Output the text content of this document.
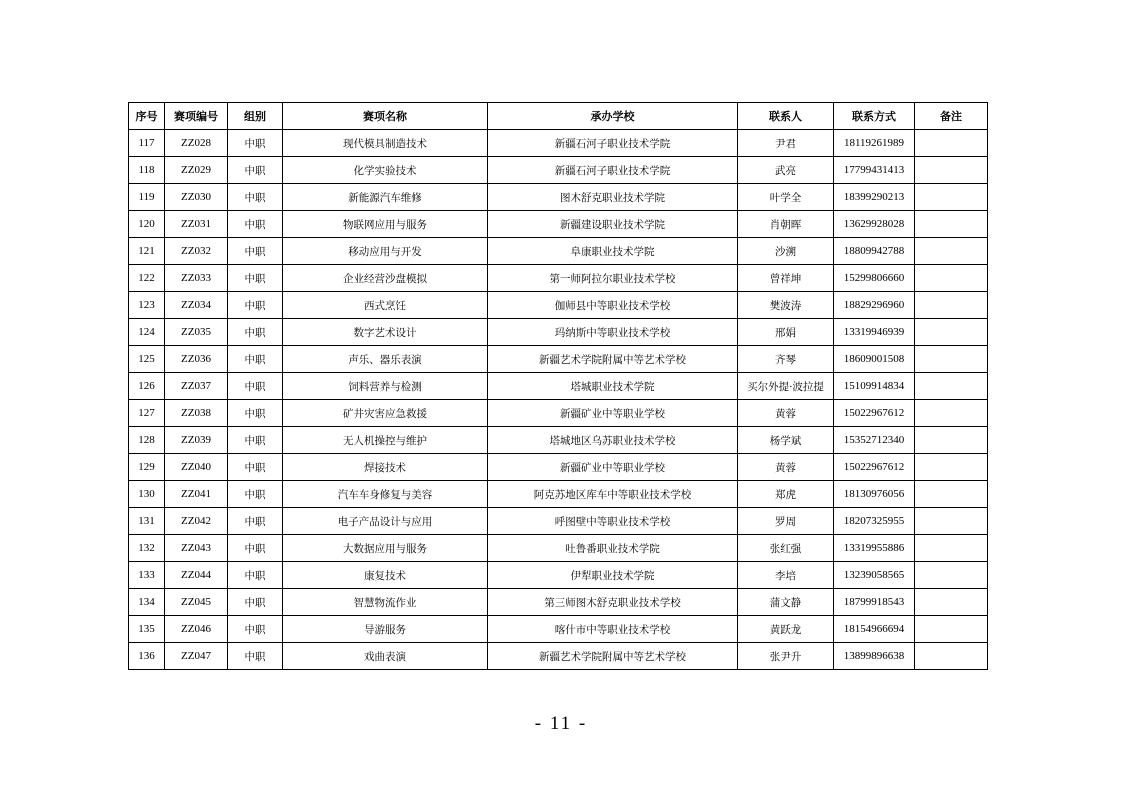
序号	赛项编号	组别	赛项名称	承办学校	联系人	联系方式	备注
117	ZZ028	中职	现代模具制造技术	新疆石河子职业技术学院	尹君	18119261989	
118	ZZ029	中职	化学实验技术	新疆石河子职业技术学院	武亮	17799431413	
119	ZZ030	中职	新能源汽车维修	图木舒克职业技术学院	叶学全	18399290213	
120	ZZ031	中职	物联网应用与服务	新疆建设职业技术学院	肖朝晖	13629928028	
121	ZZ032	中职	移动应用与开发	阜康职业技术学院	沙溯	18809942788	
122	ZZ033	中职	企业经营沙盘模拟	第一师阿拉尔职业技术学校	曾祥坤	15299806660	
123	ZZ034	中职	西式烹饪	伽师县中等职业技术学校	樊波涛	18829296960	
124	ZZ035	中职	数字艺术设计	玛纳斯中等职业技术学校	邢娟	13319946939	
125	ZZ036	中职	声乐、器乐表演	新疆艺术学院附属中等艺术学校	齐琴	18609001508	
126	ZZ037	中职	饲料营养与检测	塔城职业技术学院	买尔外提·波拉提	15109914834	
127	ZZ038	中职	矿井灾害应急救援	新疆矿业中等职业学校	黄蓉	15022967612	
128	ZZ039	中职	无人机操控与维护	塔城地区乌苏职业技术学校	杨学斌	15352712340	
129	ZZ040	中职	焊接技术	新疆矿业中等职业学校	黄蓉	15022967612	
130	ZZ041	中职	汽车车身修复与美容	阿克苏地区库车中等职业技术学校	郑虎	18130976056	
131	ZZ042	中职	电子产品设计与应用	呼图壁中等职业技术学校	罗周	18207325955	
132	ZZ043	中职	大数据应用与服务	吐鲁番职业技术学院	张红强	13319955886	
133	ZZ044	中职	康复技术	伊犁职业技术学院	李培	13239058565	
134	ZZ045	中职	智慧物流作业	第三师图木舒克职业技术学校	蒲文静	18799918543	
135	ZZ046	中职	导游服务	喀什市中等职业技术学校	黄跃龙	18154966694	
136	ZZ047	中职	戏曲表演	新疆艺术学院附属中等艺术学校	张尹升	13899896638	
- 11 -
